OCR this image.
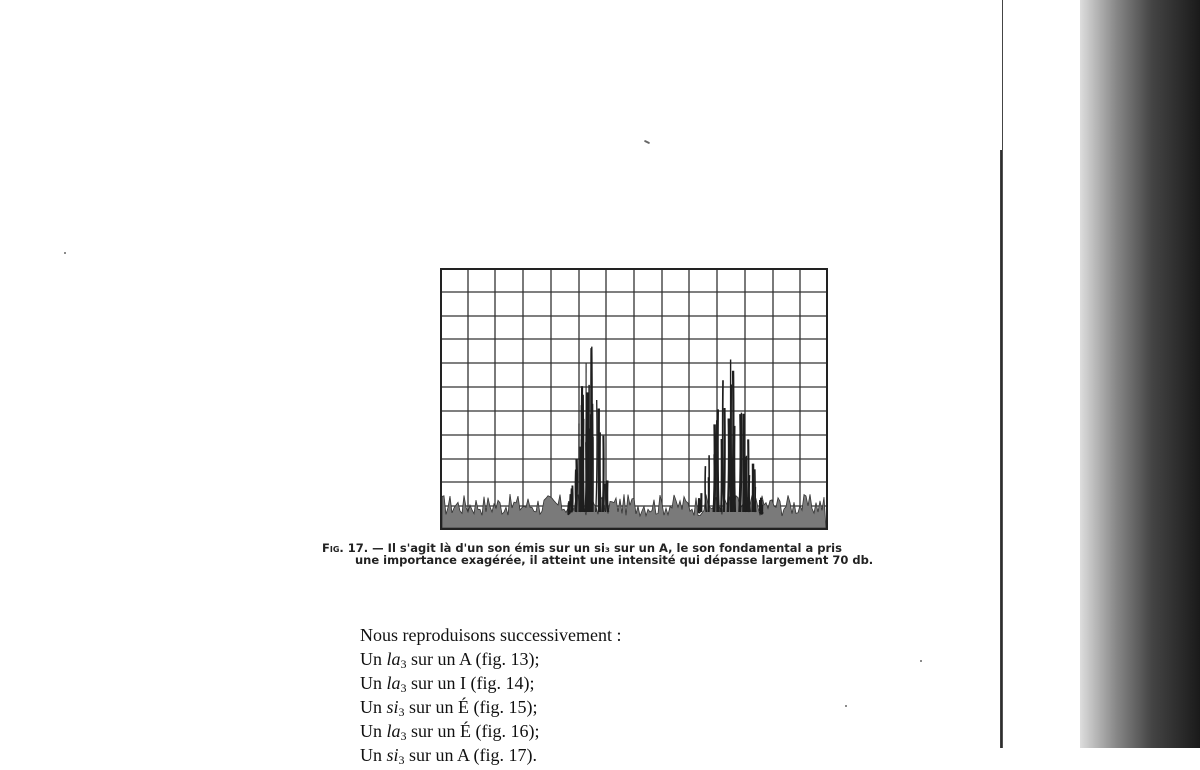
Fig. 17. — Il s'agit là d'un son émis sur un si₃ sur un A, le son fondamental a pris
une importance exagérée, il atteint une intensité qui dépasse largement 70 db.
Nous reproduisons successivement :
Un $la_3$ sur un A (fig. 13);
Un $la_3$ sur un I (fig. 14);
Un $si_3$ sur un É (fig. 15);
Un $la_3$ sur un É (fig. 16);
Un $si_3$ sur un A (fig. 17).
